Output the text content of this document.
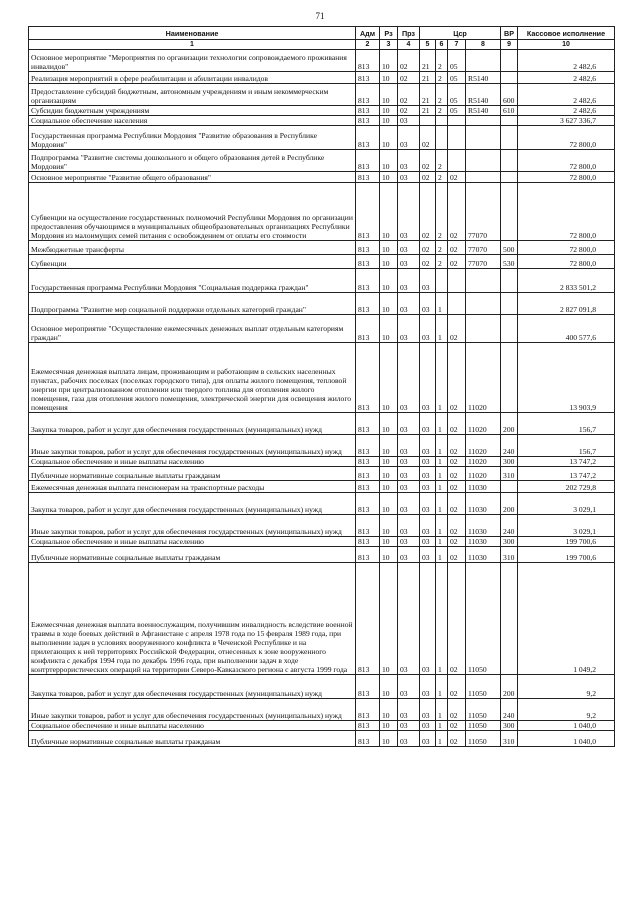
71
Наименование	Адм	Рз	Прз	Цср				ВР	Кассовое исполнение
1	2	3	4	5	6	7	8	9	10
Основное мероприятие "Мероприятия по организации технологии сопровождаемого проживания инвалидов"	813	10	02	21	2	05			2 482,6
Реализация мероприятий в сфере реабилитации и абилитации инвалидов	813	10	02	21	2	05	R5140		2 482,6
Предоставление субсидий бюджетным, автономным учреждениям и иным некоммерческим организациям	813	10	02	21	2	05	R5140	600	2 482,6
Субсидии бюджетным учреждениям	813	10	02	21	2	05	R5140	610	2 482,6
Социальное обеспечение населения	813	10	03						3 627 336,7
Государственная программа Республики Мордовия "Развитие образования в Республике Мордовия"	813	10	03	02					72 800,0
Подпрограмма "Развитие системы дошкольного и общего образования детей в Республике Мордовия"	813	10	03	02	2				72 800,0
Основное мероприятие "Развитие общего образования"	813	10	03	02	2	02			72 800,0
Субвенции на осуществление государственных полномочий Республики Мордовия по организации предоставления обучающимся в муниципальных общеобразовательных организациях Республики Мордовия из малоимущих семей питания с освобождением от оплаты его стоимости	813	10	03	02	2	02	77070		72 800,0
Межбюджетные трансферты	813	10	03	02	2	02	77070	500	72 800,0
Субвенции	813	10	03	02	2	02	77070	530	72 800,0
Государственная программа Республики Мордовия "Социальная поддержка граждан"	813	10	03	03					2 833 501,2
Подпрограмма "Развитие мер социальной поддержки отдельных категорий граждан"	813	10	03	03	1				2 827 091,8
Основное мероприятие "Осуществление ежемесячных денежных выплат отдельным категориям граждан"	813	10	03	03	1	02			400 577,6
Ежемесячная денежная выплата лицам, проживающим и работающим в сельских населенных пунктах, рабочих поселках (поселках городского типа), для оплаты жилого помещения, тепловой энергии при централизованном отоплении или твердого топлива для отопления жилого помещения, газа для отопления жилого помещения, электрической энергии для освещения жилого помещения	813	10	03	03	1	02	11020		13 903,9
Закупка товаров, работ и услуг для обеспечения государственных (муниципальных) нужд	813	10	03	03	1	02	11020	200	156,7
Иные закупки товаров, работ и услуг для обеспечения государственных (муниципальных) нужд	813	10	03	03	1	02	11020	240	156,7
Социальное обеспечение и иные выплаты населению	813	10	03	03	1	02	11020	300	13 747,2
Публичные нормативные социальные выплаты гражданам	813	10	03	03	1	02	11020	310	13 747,2
Ежемесячная денежная выплата пенсионерам на транспортные расходы	813	10	03	03	1	02	11030		202 729,8
Закупка товаров, работ и услуг для обеспечения государственных (муниципальных) нужд	813	10	03	03	1	02	11030	200	3 029,1
Иные закупки товаров, работ и услуг для обеспечения государственных (муниципальных) нужд	813	10	03	03	1	02	11030	240	3 029,1
Социальное обеспечение и иные выплаты населению	813	10	03	03	1	02	11030	300	199 700,6
Публичные нормативные социальные выплаты гражданам	813	10	03	03	1	02	11030	310	199 700,6
Ежемесячная денежная выплата военнослужащим, получившим инвалидность вследствие военной травмы в ходе боевых действий в Афганистане с апреля 1978 года по 15 февраля 1989 года, при выполнении задач в условиях вооруженного конфликта в Чеченской Республике и на прилегающих к ней территориях Российской Федерации, отнесенных к зоне вооруженного конфликта с декабря 1994 года по декабрь 1996 года, при выполнении задач в ходе контртеррористических операций на территории Северо-Кавказского региона с августа 1999 года	813	10	03	03	1	02	11050		1 049,2
Закупка товаров, работ и услуг для обеспечения государственных (муниципальных) нужд	813	10	03	03	1	02	11050	200	9,2
Иные закупки товаров, работ и услуг для обеспечения государственных (муниципальных) нужд	813	10	03	03	1	02	11050	240	9,2
Социальное обеспечение и иные выплаты населению	813	10	03	03	1	02	11050	300	1 040,0
Публичные нормативные социальные выплаты гражданам	813	10	03	03	1	02	11050	310	1 040,0
